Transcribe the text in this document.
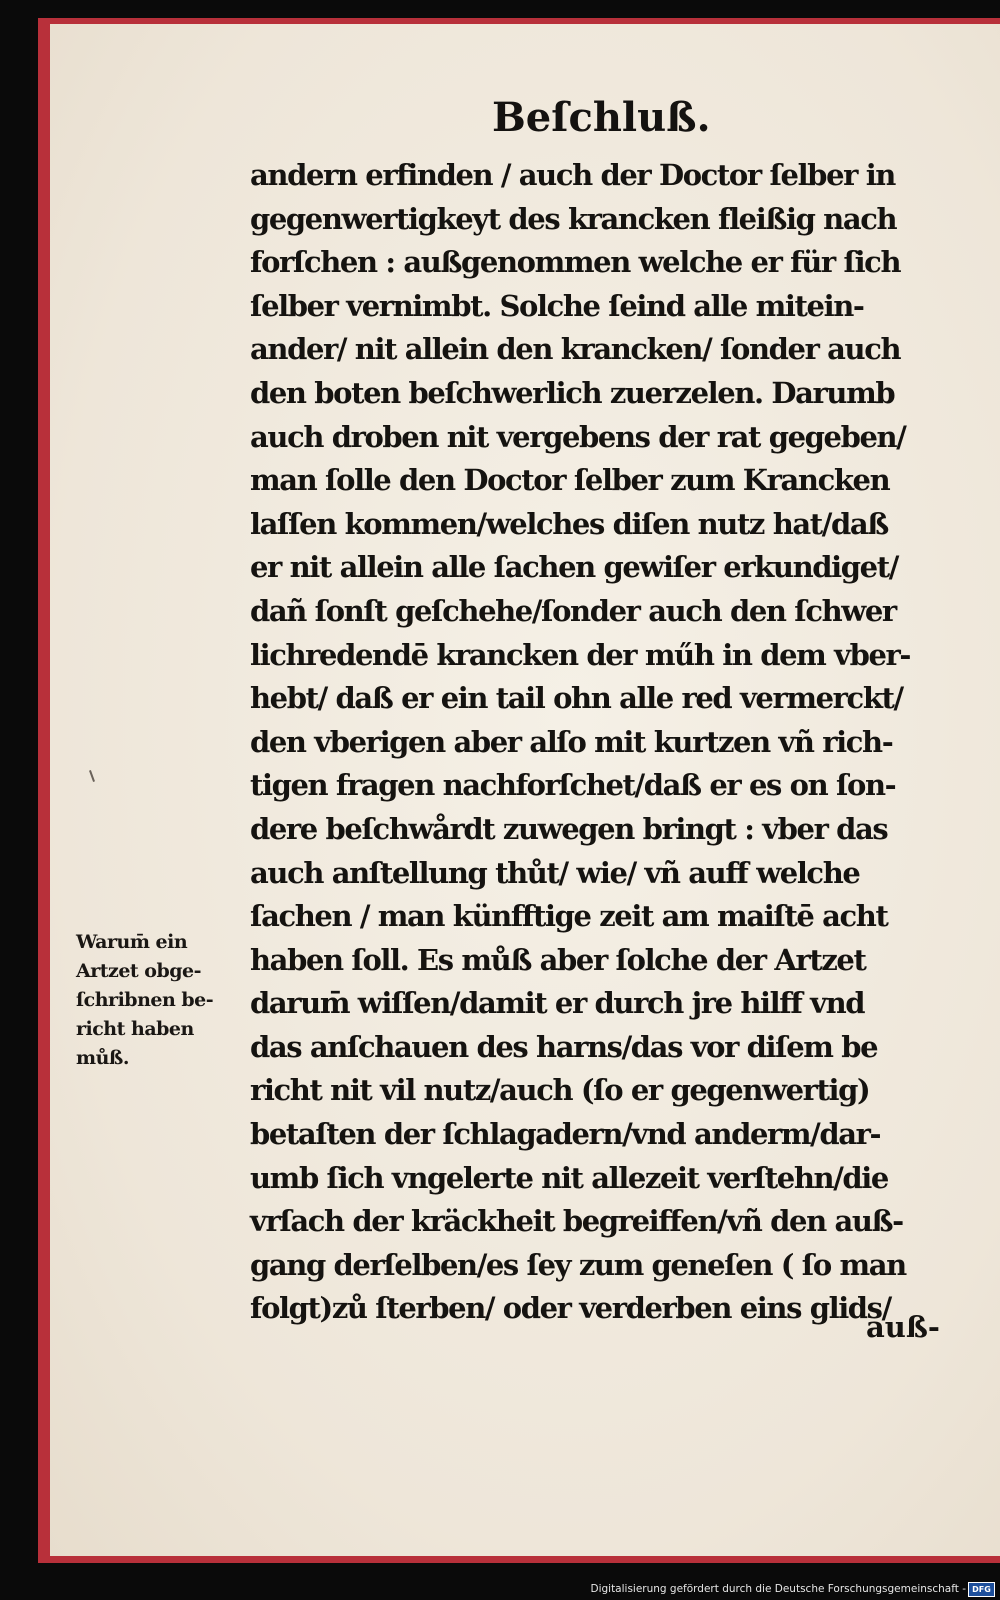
Beſchluß.
andern erfinden / auch der Doctor ſelber in
gegenwertigkeyt des krancken fleißig nach
forſchen : außgenommen welche er für ſich
ſelber vernimbt. Solche ſeind alle mitein-
ander/ nit allein den krancken/ ſonder auch
den boten beſchwerlich zuerzelen. Darumb
auch droben nit vergebens der rat gegeben/
man ſolle den Doctor ſelber zum Krancken
laſſen kommen/welches diſen nutz hat/daß
er nit allein alle ſachen gewiſer erkundiget/
dañ ſonſt geſchehe/ſonder auch den ſchwer
lichredendē krancken der műh in dem vber-
hebt/ daß er ein tail ohn alle red vermerckt/
den vberigen aber alſo mit kurtzen vñ rich-
tigen fragen nachforſchet/daß er es on ſon-
dere beſchwårdt zuwegen bringt : vber das
auch anſtellung thůt/ wie/ vñ auff welche
ſachen / man künfftige zeit am maiſtē acht
haben ſoll. Es můß aber ſolche der Artzet
darum̄ wiſſen/damit er durch jre hilff vnd
das anſchauen des harns/das vor diſem be
richt nit vil nutz/auch (ſo er gegenwertig)
betaſten der ſchlagadern/vnd anderm/dar-
umb ſich vngelerte nit allezeit verſtehn/die
vrſach der kräckheit begreiffen/vñ den auß-
gang derſelben/es ſey zum geneſen ( ſo man
folgt)zů ſterben/ oder verderben eins glids/
auß-
Warum̄ ein
Artzet obge-
ſchribnen be-
richt haben
můß.
Digitalisierung gefördert durch die Deutsche Forschungsgemeinschaft - DFG
